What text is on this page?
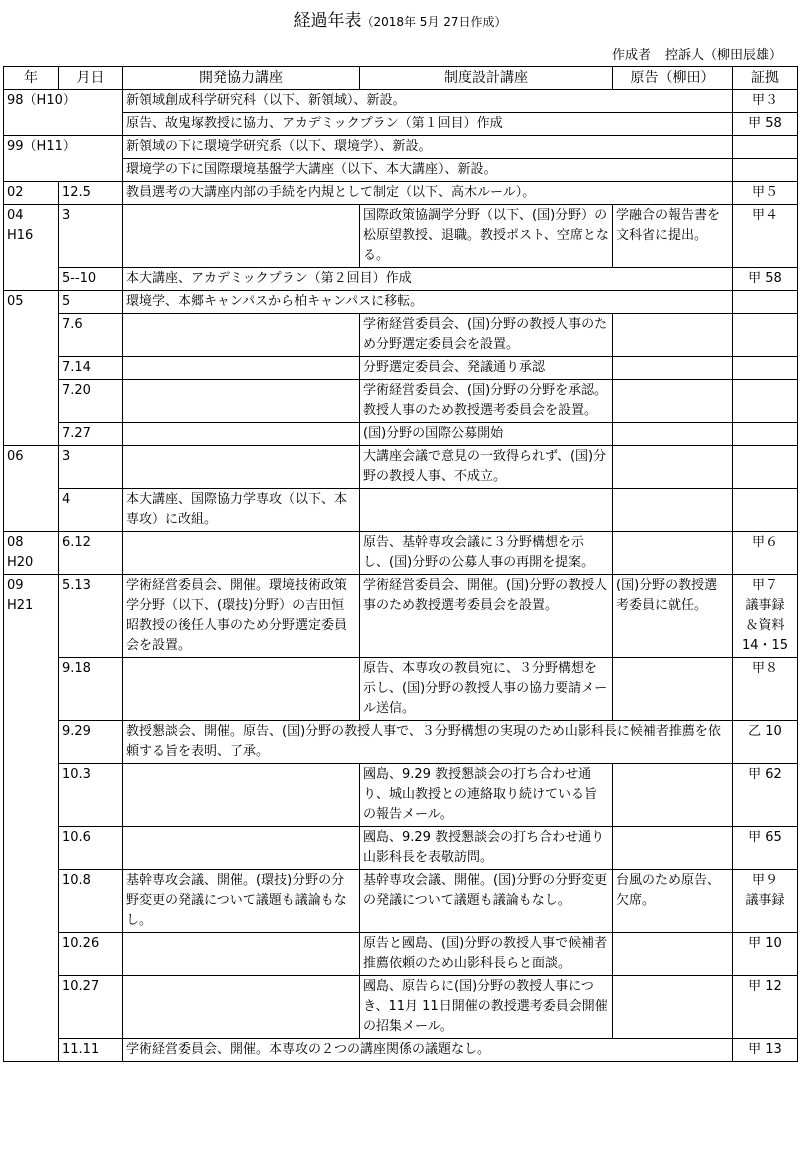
経過年表（2018年 5月 27日作成）
作成者 控訴人（柳田辰雄）
年	月日	開発協力講座	制度設計講座	原告（柳田）	証拠
98（H10）		新領域創成科学研究科（以下、新領域）、新設。			甲３
		原告、故鬼塚教授に協力、アカデミックプラン（第１回目）作成			甲 58
99（H11）		新領域の下に環境学研究系（以下、環境学）、新設。			
		環境学の下に国際環境基盤学大講座（以下、本大講座）、新設。			
02	12.5	教員選考の大講座内部の手続を内規として制定（以下、高木ルール）。			甲５
04
H16	3		国際政策協調学分野（以下、(国)分野）の松原望教授、退職。教授ポスト、空席となる。	学融合の報告書を文科省に提出。	甲４
	5--10	本大講座、アカデミックプラン（第２回目）作成			甲 58
05	5	環境学、本郷キャンパスから柏キャンパスに移転。			
	7.6		学術経営委員会、(国)分野の教授人事のため分野選定委員会を設置。		
	7.14		分野選定委員会、発議通り承認		
	7.20		学術経営委員会、(国)分野の分野を承認。教授人事のため教授選考委員会を設置。		
	7.27		(国)分野の国際公募開始		
06	3		大講座会議で意見の一致得られず、(国)分野の教授人事、不成立。		
	4	本大講座、国際協力学専攻（以下、本専攻）に改組。			
08
H20	6.12		原告、基幹専攻会議に３分野構想を示し、(国)分野の公募人事の再開を提案。		甲６
09
H21	5.13	学術経営委員会、開催。環境技術政策学分野（以下、(環技)分野）の吉田恒昭教授の後任人事のため分野選定委員会を設置。	学術経営委員会、開催。(国)分野の教授人事のため教授選考委員会を設置。	(国)分野の教授選考委員に就任。	甲７
議事録
＆資料
14・15
	9.18		原告、本専攻の教員宛に、３分野構想を示し、(国)分野の教授人事の協力要請メール送信。		甲８
	9.29	教授懇談会、開催。原告、(国)分野の教授人事で、３分野構想の実現のため山影科長に候補者推薦を依頼する旨を表明、了承。			乙 10
	10.3		國島、9.29 教授懇談会の打ち合わせ通り、城山教授との連絡取り続けている旨の報告メール。		甲 62
	10.6		國島、9.29 教授懇談会の打ち合わせ通り山影科長を表敬訪問。		甲 65
	10.8	基幹専攻会議、開催。(環技)分野の分野変更の発議について議題も議論もなし。	基幹専攻会議、開催。(国)分野の分野変更の発議について議題も議論もなし。	台風のため原告、欠席。	甲９
議事録
	10.26		原告と國島、(国)分野の教授人事で候補者推薦依頼のため山影科長らと面談。		甲 10
	10.27		國島、原告らに(国)分野の教授人事につき、11月 11日開催の教授選考委員会開催の招集メール。		甲 12
	11.11	学術経営委員会、開催。本専攻の２つの講座関係の議題なし。			甲 13
